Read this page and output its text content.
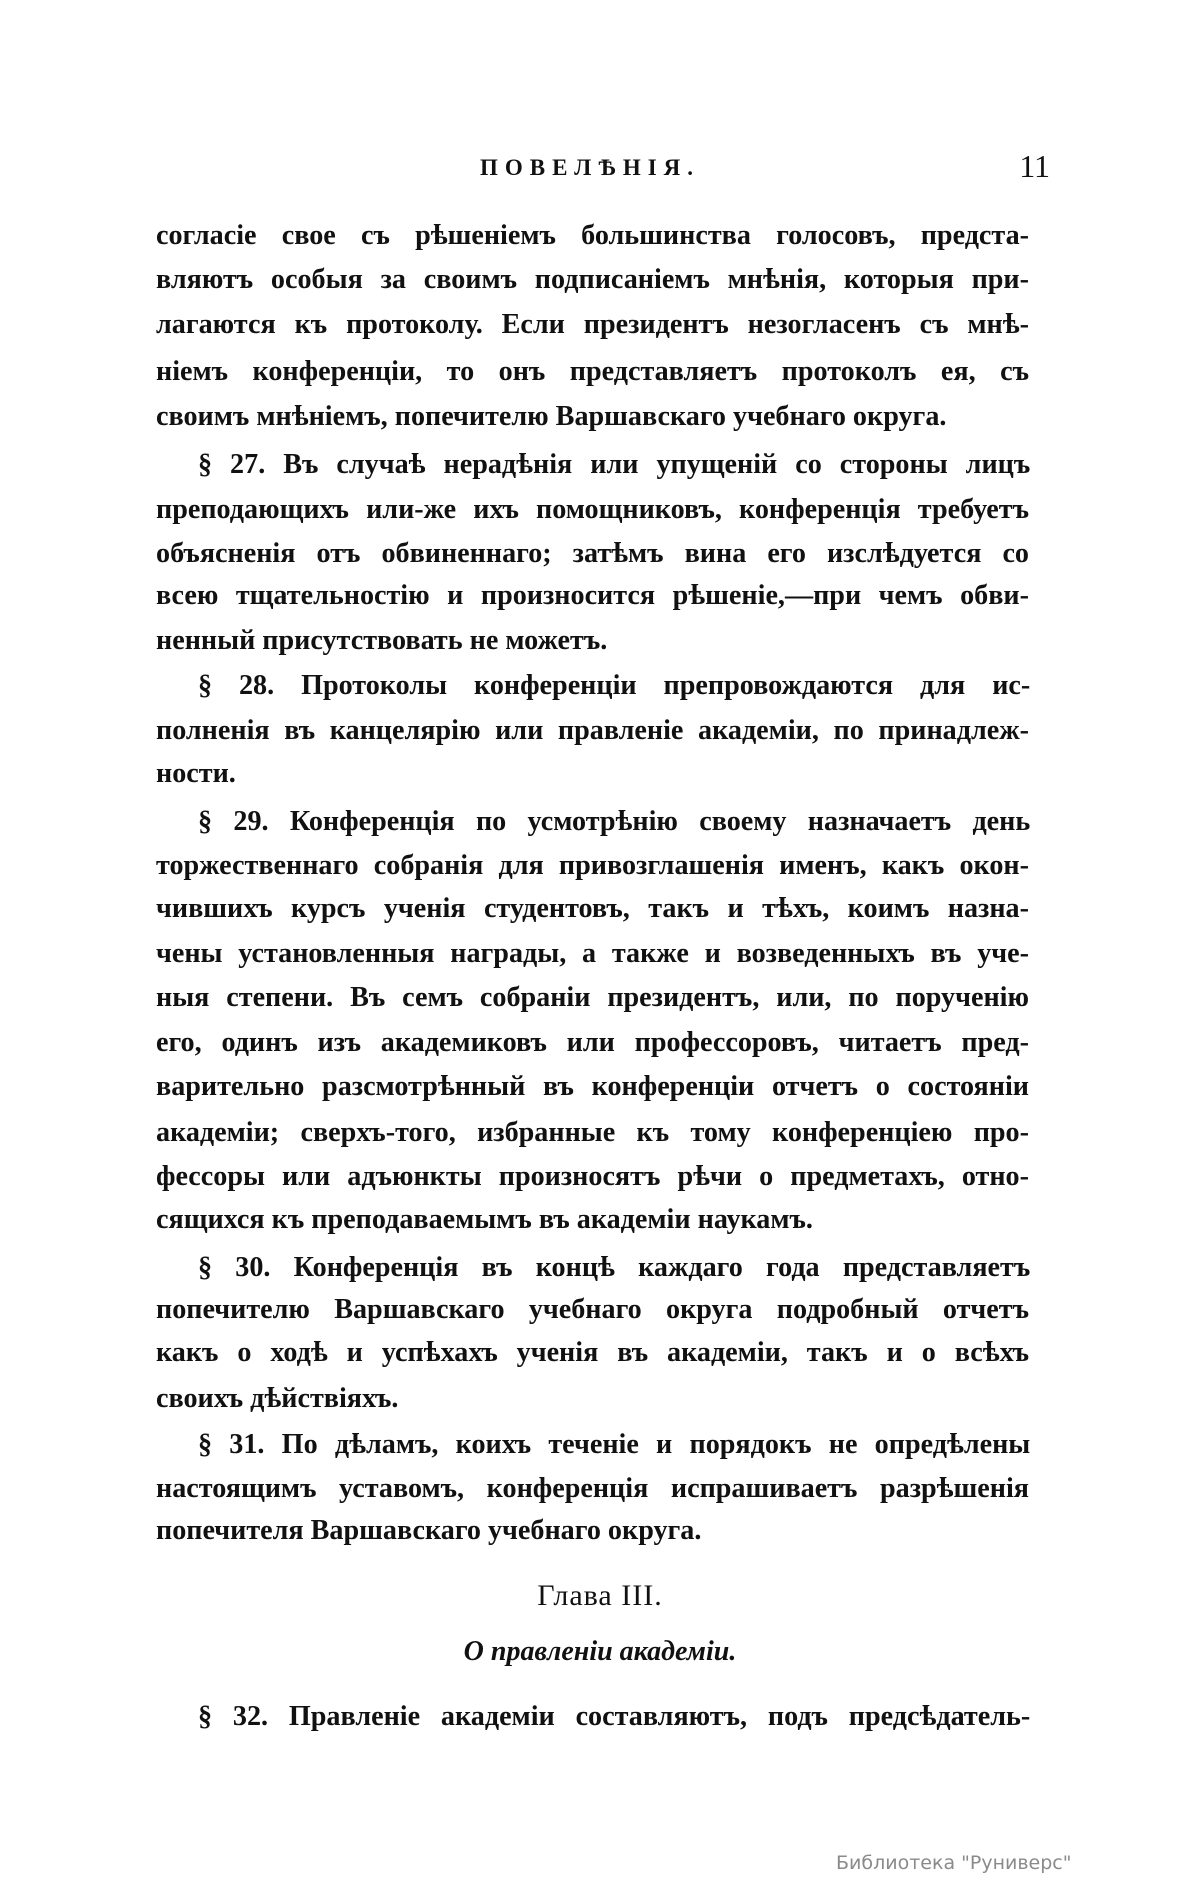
ПОВЕЛѢНІЯ.	11
согласіе свое съ рѣшеніемъ большинства голосовъ, предста-
вляютъ особыя за своимъ подписаніемъ мнѣнія, которыя при-
лагаются къ протоколу. Если президентъ незогласенъ съ мнѣ-
ніемъ конференціи, то онъ представляетъ протоколъ ея, съ
своимъ мнѣніемъ, попечителю Варшавскаго учебнаго округа.
§ 27. Въ случаѣ нерадѣнія или упущеній со стороны лицъ
преподающихъ или-же ихъ помощниковъ, конференція требуетъ
объясненія отъ обвиненнаго; затѣмъ вина его изслѣдуется со
всею тщательностію и произносится рѣшеніе,—при чемъ обви-
ненный присутствовать не можетъ.
§ 28. Протоколы конференціи препровождаются для ис-
полненія въ канцелярію или правленіе академіи, по принадлеж-
ности.
§ 29. Конференція по усмотрѣнію своему назначаетъ день
торжественнаго собранія для привозглашенія именъ, какъ окон-
чившихъ курсъ ученія студентовъ, такъ и тѣхъ, коимъ назна-
чены установленныя награды, а также и возведенныхъ въ уче-
ныя степени. Въ семъ собраніи президентъ, или, по порученію
его, одинъ изъ академиковъ или профессоровъ, читаетъ пред-
варительно разсмотрѣнный въ конференціи отчетъ о состояніи
академіи; сверхъ-того, избранные къ тому конференціею про-
фессоры или адъюнкты произносятъ рѣчи о предметахъ, отно-
сящихся къ преподаваемымъ въ академіи наукамъ.
§ 30. Конференція въ концѣ каждаго года представляетъ
попечителю Варшавскаго учебнаго округа подробный отчетъ
какъ о ходѣ и успѣхахъ ученія въ академіи, такъ и о всѣхъ
своихъ дѣйствіяхъ.
§ 31. По дѣламъ, коихъ теченіе и порядокъ не опредѣлены
настоящимъ уставомъ, конференція испрашиваетъ разрѣшенія
попечителя Варшавскаго учебнаго округа.
§ 32. Правленіе академіи составляютъ, подъ предсѣдатель-
Глава III.
О правленіи академіи.
Библиотека "Руниверс"
